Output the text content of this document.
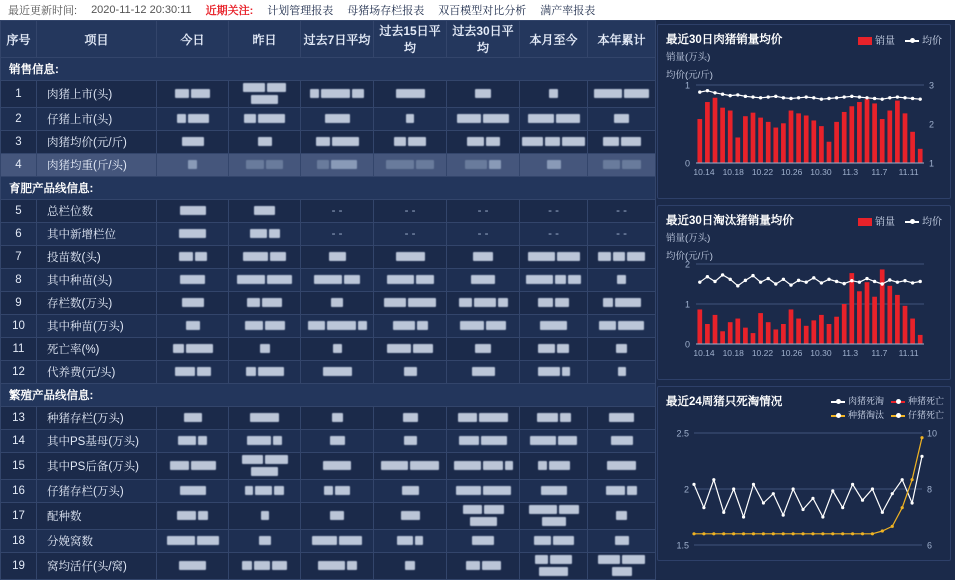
最近更新时间: 2020-11-12 20:30:11 近期关注: 计划管理报表 母猪场存栏报表 双百模型对比分析 满产率报表
序号	项目	今日	昨日	过去7日平均	过去15日平均	过去30日平均	本月至今	本年累计
销售信息:								
1	肉猪上市(头)							
2	仔猪上市(头)							
3	肉猪均价(元/斤)							
4	肉猪均重(斤/头)							
育肥产品线信息:								
5	总栏位数			- -	- -	- -	- -	- -
6	其中新增栏位			- -	- -	- -	- -	- -
7	投苗数(头)							
8	其中种苗(头)							
9	存栏数(万头)							
10	其中种苗(万头)							
11	死亡率(%)							
12	代养费(元/头)							
繁殖产品线信息:								
13	种猪存栏(万头)							
14	其中PS基母(万头)							
15	其中PS后备(万头)							
16	仔猪存栏(万头)							
17	配种数							
18	分娩窝数							
19	窝均活仔(头/窝)							
最近30日肉猪销量均价	销量	均价
销量(万头)
均价(元/斤)
0
1
1
2
3
10.14 10.18 10.22 10.26 10.30 11.3 11.7 11.11
最近30日淘汰猪销量均价	销量	均价
销量(万头)
均价(元/斤)
0
1
2
10.14 10.18 10.22 10.26 10.30 11.3 11.7 11.11
最近24周猪只死淘情况	肉猪死淘	种猪死亡
种猪淘汰	仔猪死亡
1.5
2
2.5
6
8
10
